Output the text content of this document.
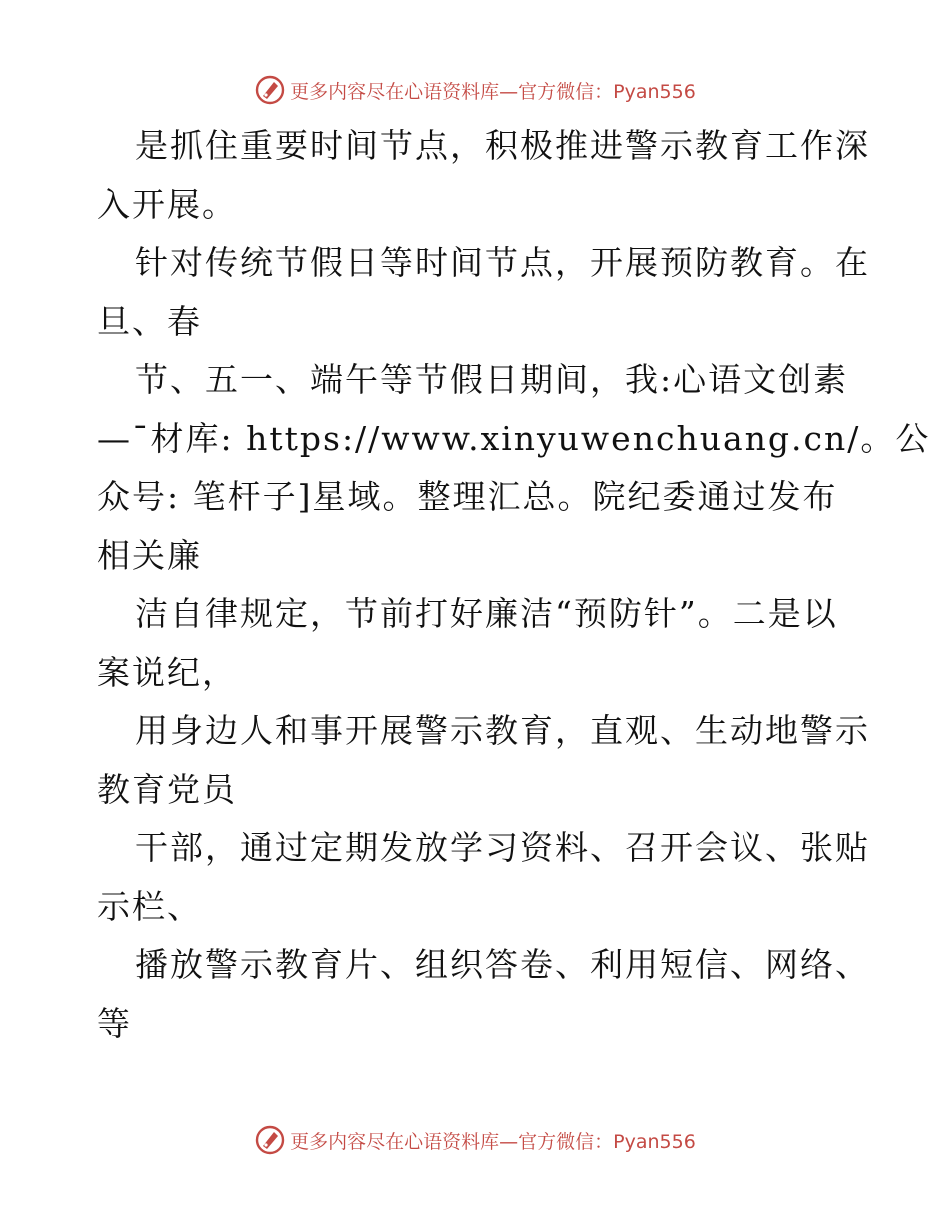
更多内容尽在心语资料库—官方微信：Pyan556
是抓住重要时间节点，积极推进警示教育工作深
入开展。
针对传统节假日等时间节点，开展预防教育。在
旦、春
节、五一、端午等节假日期间，我:心语文创素
—¯材库: https://www.xinyuwenchuang.cn/。公
众号: 笔杆子]星域。整理汇总。院纪委通过发布
相关廉
洁自律规定，节前打好廉洁“预防针”。二是以
案说纪，
用身边人和事开展警示教育，直观、生动地警示
教育党员
干部，通过定期发放学习资料、召开会议、张贴
示栏、
播放警示教育片、组织答卷、利用短信、网络、
等
更多内容尽在心语资料库—官方微信：Pyan556
